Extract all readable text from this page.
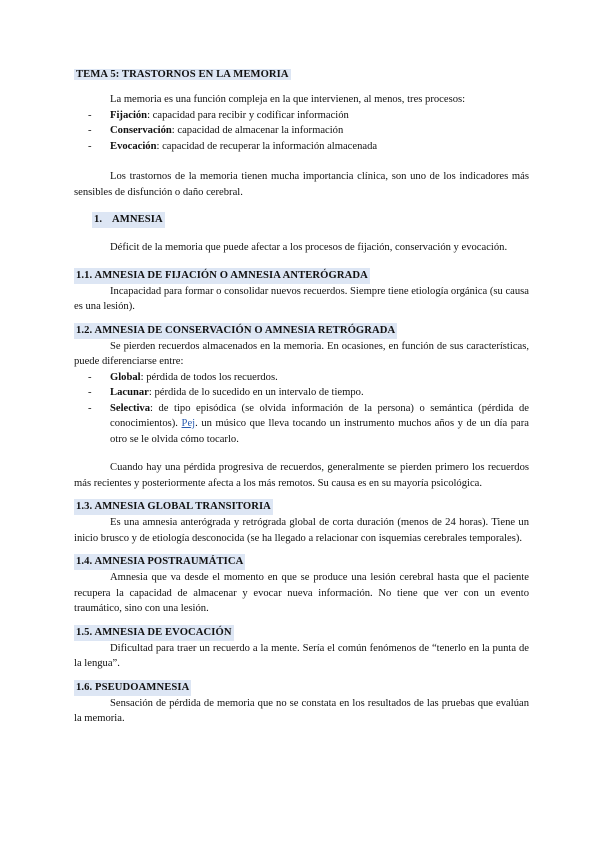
TEMA 5: TRASTORNOS EN LA MEMORIA

La memoria es una función compleja en la que intervienen, al menos, tres procesos:

- Fijación: capacidad para recibir y codificar información
- Conservación: capacidad de almacenar la información
- Evocación: capacidad de recuperar la información almacenada

Los trastornos de la memoria tienen mucha importancia clínica, son uno de los indicadores más sensibles de disfunción o daño cerebral.

1. AMNESIA

Déficit de la memoria que puede afectar a los procesos de fijación, conservación y evocación.

1.1. AMNESIA DE FIJACIÓN O AMNESIA ANTERÓGRADA

Incapacidad para formar o consolidar nuevos recuerdos. Siempre tiene etiología orgánica (su causa es una lesión).

1.2. AMNESIA DE CONSERVACIÓN O AMNESIA RETRÓGRADA

Se pierden recuerdos almacenados en la memoria. En ocasiones, en función de sus características, puede diferenciarse entre:

- Global: pérdida de todos los recuerdos.
- Lacunar: pérdida de lo sucedido en un intervalo de tiempo.
- Selectiva: de tipo episódica (se olvida información de la persona) o semántica (pérdida de conocimientos). Pej. un músico que lleva tocando un instrumento muchos años y de un día para otro se le olvida cómo tocarlo.

Cuando hay una pérdida progresiva de recuerdos, generalmente se pierden primero los recuerdos más recientes y posteriormente afecta a los más remotos. Su causa es en su mayoría psicológica.

1.3. AMNESIA GLOBAL TRANSITORIA

Es una amnesia anterógrada y retrógrada global de corta duración (menos de 24 horas). Tiene un inicio brusco y de etiología desconocida (se ha llegado a relacionar con isquemias cerebrales temporales).

1.4. AMNESIA POSTRAUMÁTICA

Amnesia que va desde el momento en que se produce una lesión cerebral hasta que el paciente recupera la capacidad de almacenar y evocar nueva información. No tiene que ver con un evento traumático, sino con una lesión.

1.5. AMNESIA DE EVOCACIÓN

Dificultad para traer un recuerdo a la mente. Sería el común fenómenos de “tenerlo en la punta de la lengua”.

1.6. PSEUDOAMNESIA

Sensación de pérdida de memoria que no se constata en los resultados de las pruebas que evalúan la memoria.
